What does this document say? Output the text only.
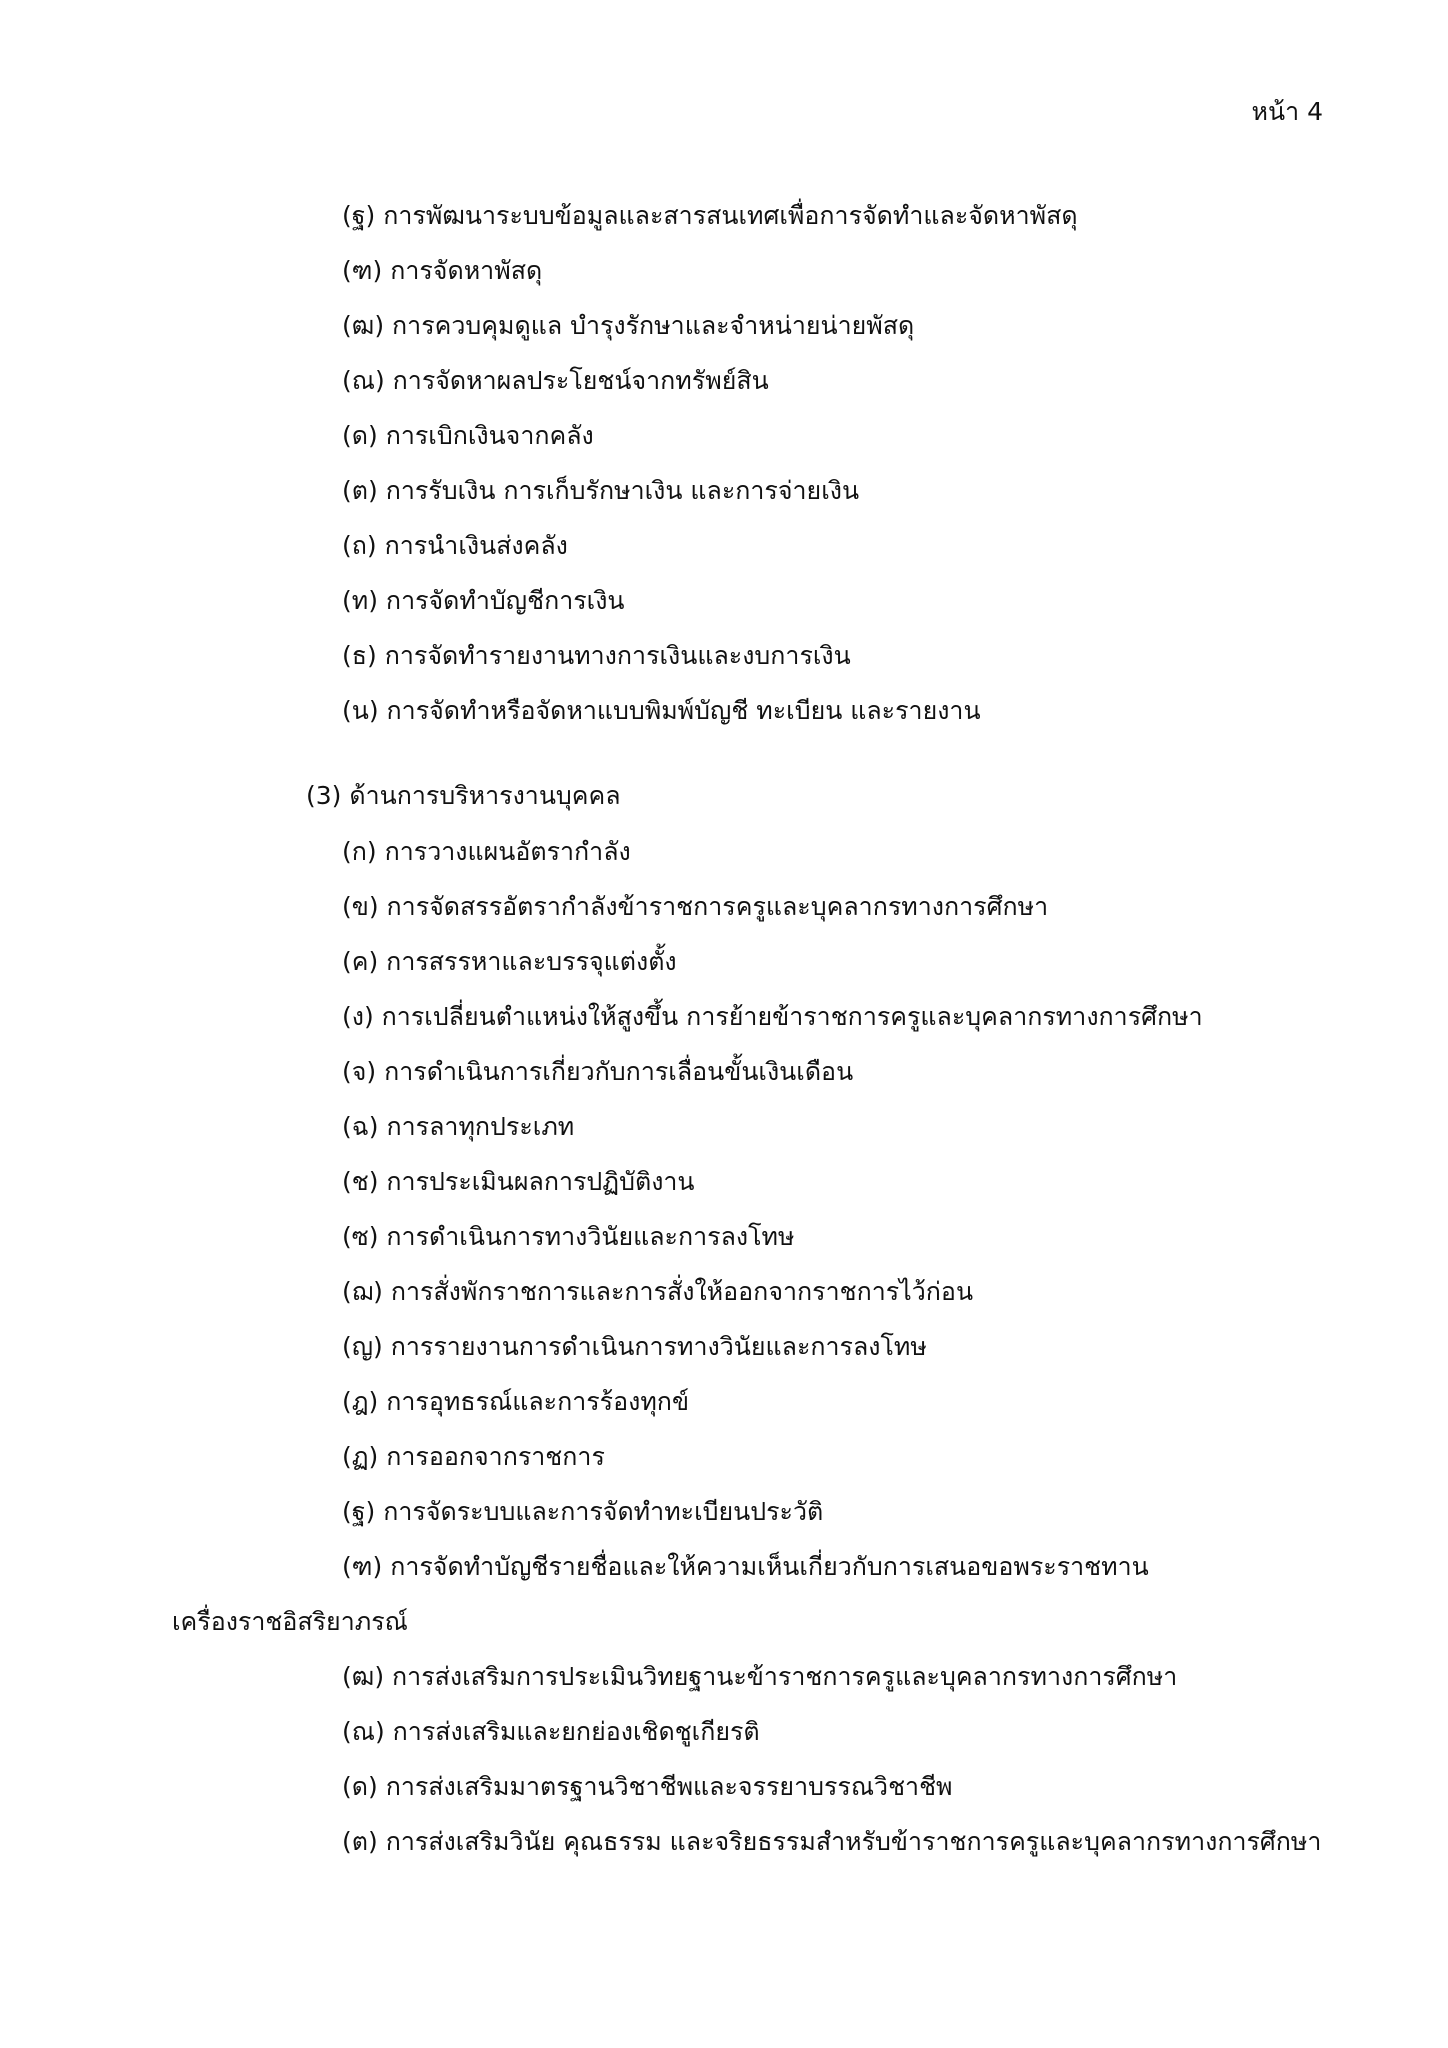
หน้า 4
(ฐ) การพัฒนาระบบข้อมูลและสารสนเทศเพื่อการจัดทำและจัดหาพัสดุ
(ฑ) การจัดหาพัสดุ
(ฒ) การควบคุมดูแล บำรุงรักษาและจำหน่ายน่ายพัสดุ
(ณ) การจัดหาผลประโยชน์จากทรัพย์สิน
(ด) การเบิกเงินจากคลัง
(ต) การรับเงิน การเก็บรักษาเงิน และการจ่ายเงิน
(ถ) การนำเงินส่งคลัง
(ท) การจัดทำบัญชีการเงิน
(ธ) การจัดทำรายงานทางการเงินและงบการเงิน
(น) การจัดทำหรือจัดหาแบบพิมพ์บัญชี ทะเบียน และรายงาน
(3) ด้านการบริหารงานบุคคล
(ก) การวางแผนอัตรากำลัง
(ข) การจัดสรรอัตรากำลังข้าราชการครูและบุคลากรทางการศึกษา
(ค) การสรรหาและบรรจุแต่งตั้ง
(ง) การเปลี่ยนตำแหน่งให้สูงขึ้น การย้ายข้าราชการครูและบุคลากรทางการศึกษา
(จ) การดำเนินการเกี่ยวกับการเลื่อนขั้นเงินเดือน
(ฉ) การลาทุกประเภท
(ช) การประเมินผลการปฏิบัติงาน
(ซ) การดำเนินการทางวินัยและการลงโทษ
(ฌ) การสั่งพักราชการและการสั่งให้ออกจากราชการไว้ก่อน
(ญ) การรายงานการดำเนินการทางวินัยและการลงโทษ
(ฎ) การอุทธรณ์และการร้องทุกข์
(ฏ) การออกจากราชการ
(ฐ) การจัดระบบและการจัดทำทะเบียนประวัติ
(ฑ) การจัดทำบัญชีรายชื่อและให้ความเห็นเกี่ยวกับการเสนอขอพระราชทาน
เครื่องราชอิสริยาภรณ์
(ฒ) การส่งเสริมการประเมินวิทยฐานะข้าราชการครูและบุคลากรทางการศึกษา
(ณ) การส่งเสริมและยกย่องเชิดชูเกียรติ
(ด) การส่งเสริมมาตรฐานวิชาชีพและจรรยาบรรณวิชาชีพ
(ต) การส่งเสริมวินัย คุณธรรม และจริยธรรมสำหรับข้าราชการครูและบุคลากรทางการศึกษา
